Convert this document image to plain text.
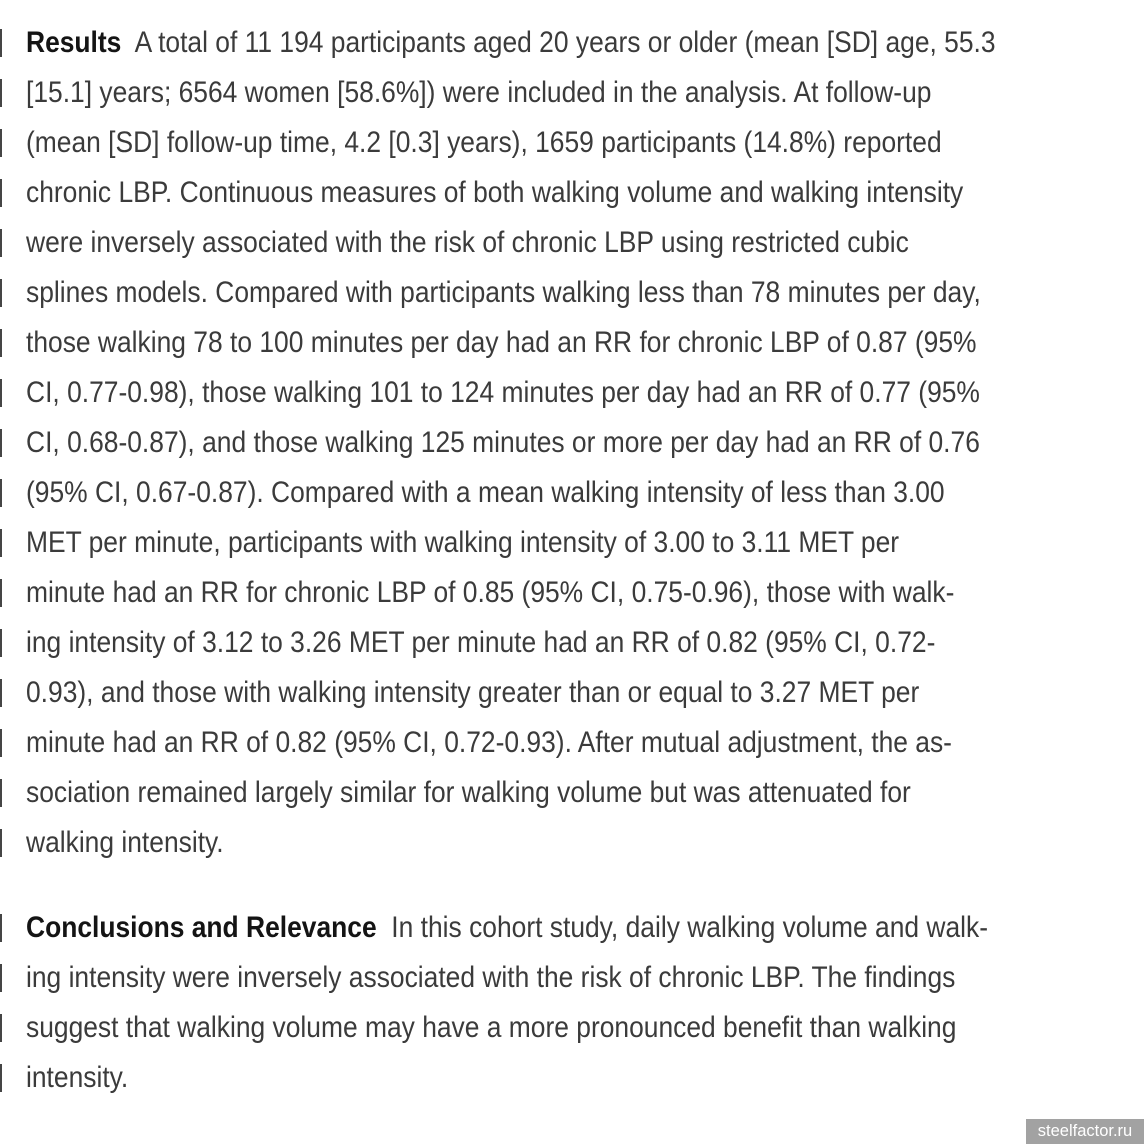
Results  A total of 11 194 participants aged 20 years or older (mean [SD] age, 55.3
[15.1] years; 6564 women [58.6%]) were included in the analysis. At follow-up
(mean [SD] follow-up time, 4.2 [0.3] years), 1659 participants (14.8%) reported
chronic LBP. Continuous measures of both walking volume and walking intensity
were inversely associated with the risk of chronic LBP using restricted cubic
splines models. Compared with participants walking less than 78 minutes per day,
those walking 78 to 100 minutes per day had an RR for chronic LBP of 0.87 (95%
CI, 0.77-0.98), those walking 101 to 124 minutes per day had an RR of 0.77 (95%
CI, 0.68-0.87), and those walking 125 minutes or more per day had an RR of 0.76
(95% CI, 0.67-0.87). Compared with a mean walking intensity of less than 3.00
MET per minute, participants with walking intensity of 3.00 to 3.11 MET per
minute had an RR for chronic LBP of 0.85 (95% CI, 0.75-0.96), those with walk-
ing intensity of 3.12 to 3.26 MET per minute had an RR of 0.82 (95% CI, 0.72-
0.93), and those with walking intensity greater than or equal to 3.27 MET per
minute had an RR of 0.82 (95% CI, 0.72-0.93). After mutual adjustment, the as-
sociation remained largely similar for walking volume but was attenuated for
walking intensity.
Conclusions and Relevance  In this cohort study, daily walking volume and walk-
ing intensity were inversely associated with the risk of chronic LBP. The findings
suggest that walking volume may have a more pronounced benefit than walking
intensity.
steelfactor.ru
